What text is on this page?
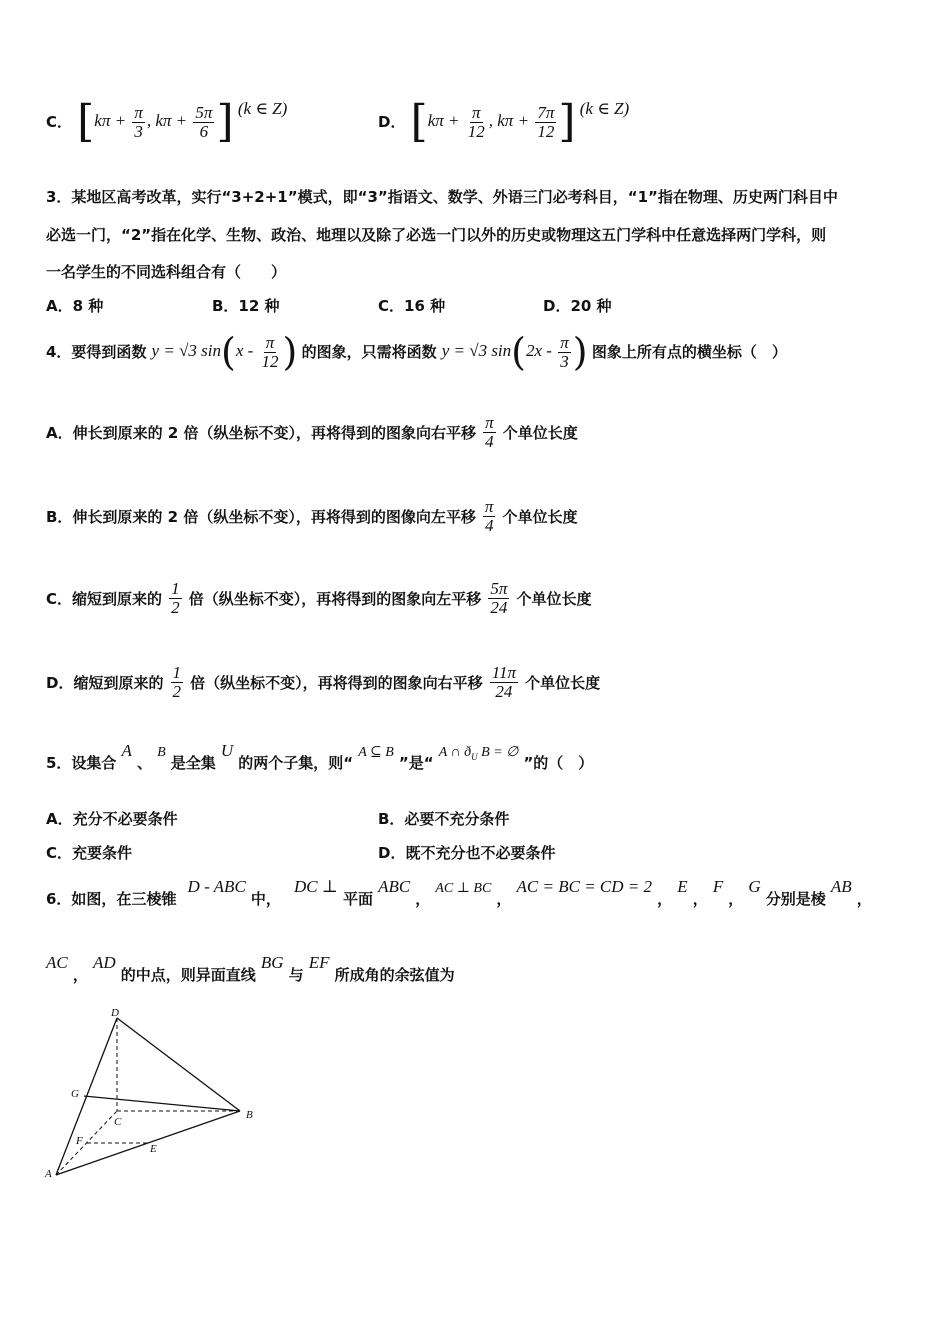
C． [$k\pi + \frac{\pi}{3}$ , $k\pi + \frac{5\pi}{6}$ ] (k ∈ Z)
D． [$k\pi + \frac{\pi}{12}$ , $k\pi + \frac{7\pi}{12}$ ] (k ∈ Z)
3．某地区高考改革，实行“3+2+1”模式，即“3”指语文、数学、外语三门必考科目，“1”指在物理、历史两门科目中
必选一门，“2”指在化学、生物、政治、地理以及除了必选一门以外的历史或物理这五门学科中任意选择两门学科，则
一名学生的不同选科组合有（　　）
A．8 种	B．12 种	C．16 种	D．20 种
4．要得到函数 y = √3 $\sin(x - \frac{\pi}{12}$ ) 的图象，只需将函数 y = √3 $\sin(2x - \frac{\pi}{3}$ ) 图象上所有点的横坐标（　）
A．伸长到原来的 2 倍（纵坐标不变），再将得到的图象向右平移 $\frac{\pi}{4}$ 个单位长度
B．伸长到原来的 2 倍（纵坐标不变），再将得到的图像向左平移 $\frac{\pi}{4}$ 个单位长度
C．缩短到原来的 $\frac{1}{2}$ 倍（纵坐标不变），再将得到的图象向左平移 $\frac{5\pi}{24}$ 个单位长度
D．缩短到原来的 $\frac{1}{2}$ 倍（纵坐标不变），再将得到的图象向右平移 $\frac{11\pi}{24}$ 个单位长度
5．设集合 A 、 B 是全集 U 的两个子集，则“ A ⊆ B ”是“ A ∩ $ð_U$ B = ∅ ”的（　）
A．充分不必要条件	B．必要不充分条件
C．充要条件	D．既不充分也不必要条件
6．如图，在三棱锥 D - ABC 中， DC ⊥ 平面 ABC ， AC ⊥ BC ， AC = BC = CD = 2 ， E ， F ， G 分别是棱 AB ，
AC ， AD 的中点，则异面直线 BG 与 EF 所成角的余弦值为
D
G
C
B
F
E
A
